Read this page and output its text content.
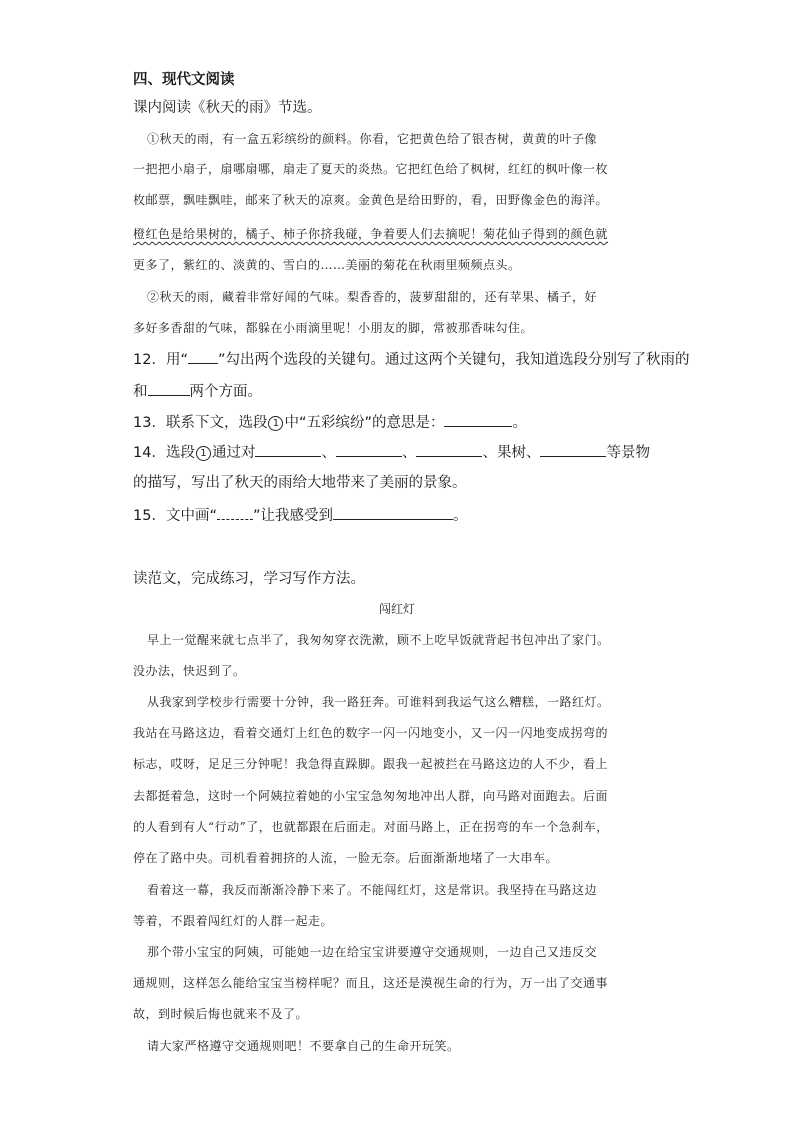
四、现代文阅读
课内阅读《秋天的雨》节选。
①秋天的雨，有一盒五彩缤纷的颜料。你看，它把黄色给了银杏树，黄黄的叶子像
一把把小扇子，扇哪扇哪，扇走了夏天的炎热。它把红色给了枫树，红红的枫叶像一枚
枚邮票，飘哇飘哇，邮来了秋天的凉爽。金黄色是给田野的，看，田野像金色的海洋。
橙红色是给果树的，橘子、柿子你挤我碰，争着要人们去摘呢！菊花仙子得到的颜色就
更多了，紫红的、淡黄的、雪白的……美丽的菊花在秋雨里频频点头。
②秋天的雨，藏着非常好闻的气味。梨香香的，菠萝甜甜的，还有苹果、橘子，好
多好多香甜的气味，都躲在小雨滴里呢！小朋友的脚，常被那香味勾住。
12．用“ ”勾出两个选段的关键句。通过这两个关键句，我知道选段分别写了秋雨的
和	两个方面。
13．联系下文，选段 1 中“五彩缤纷”的意思是：	。
14．选段 1 通过对	、	、	、果树、	等景物
的描写，写出了秋天的雨给大地带来了美丽的景象。
15．文中画“ ”让我感受到	。
读范文，完成练习，学习写作方法。
闯红灯
早上一觉醒来就七点半了，我匆匆穿衣洗漱，顾不上吃早饭就背起书包冲出了家门。
没办法，快迟到了。
从我家到学校步行需要十分钟，我一路狂奔。可谁料到我运气这么糟糕，一路红灯。
我站在马路这边，看着交通灯上红色的数字一闪一闪地变小，又一闪一闪地变成拐弯的
标志，哎呀，足足三分钟呢！我急得直跺脚。跟我一起被拦在马路这边的人不少，看上
去都挺着急，这时一个阿姨拉着她的小宝宝急匆匆地冲出人群，向马路对面跑去。后面
的人看到有人“行动”了，也就都跟在后面走。对面马路上，正在拐弯的车一个急刹车，
停在了路中央。司机看着拥挤的人流，一脸无奈。后面渐渐地堵了一大串车。
看着这一幕，我反而渐渐冷静下来了。不能闯红灯，这是常识。我坚持在马路这边
等着，不跟着闯红灯的人群一起走。
那个带小宝宝的阿姨，可能她一边在给宝宝讲要遵守交通规则，一边自己又违反交
通规则，这样怎么能给宝宝当榜样呢？而且，这还是漠视生命的行为，万一出了交通事
故，到时候后悔也就来不及了。
请大家严格遵守交通规则吧！不要拿自己的生命开玩笑。
